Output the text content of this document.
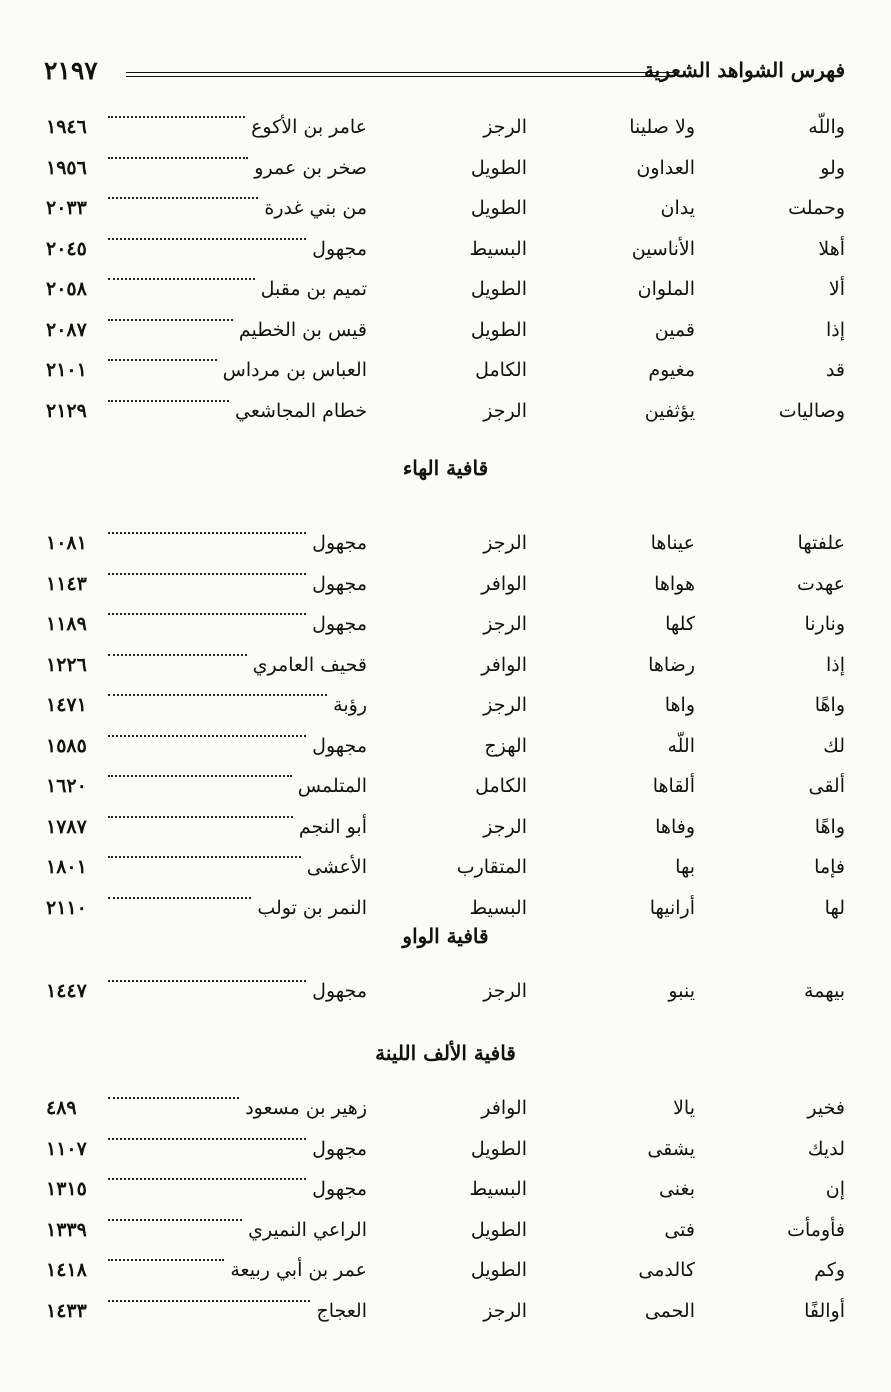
فهرس الشواهد الشعرية
٢١٩٧
واللّه
ولا صلينا
الرجز
عامر بن الأكوع
١٩٤٦
ولو
العداون
الطويل
صخر بن عمرو
١٩٥٦
وحملت
يدان
الطويل
من بني غدرة
٢٠٣٣
أهلا
الأناسين
البسيط
مجهول
٢٠٤٥
ألا
الملوان
الطويل
تميم بن مقبل
٢٠٥٨
إذا
قمين
الطويل
قيس بن الخطيم
٢٠٨٧
قد
مغيوم
الكامل
العباس بن مرداس
٢١٠١
وصاليات
يؤثفين
الرجز
خطام المجاشعي
٢١٢٩
قافية الهاء
علفتها
عيناها
الرجز
مجهول
١٠٨١
عهدت
هواها
الوافر
مجهول
١١٤٣
ونارنا
كلها
الرجز
مجهول
١١٨٩
إذا
رضاها
الوافر
قحيف العامري
١٢٢٦
واهًا
واها
الرجز
رؤبة
١٤٧١
لك
اللّه
الهزج
مجهول
١٥٨٥
ألقى
ألقاها
الكامل
المتلمس
١٦٢٠
واهًا
وفاها
الرجز
أبو النجم
١٧٨٧
فإما
بها
المتقارب
الأعشى
١٨٠١
لها
أرانيها
البسيط
النمر بن تولب
٢١١٠
قافية الواو
بيهمة
ينبو
الرجز
مجهول
١٤٤٧
قافية الألف اللينة
فخير
يالا
الوافر
زهير بن مسعود
٤٨٩
لديك
يشقى
الطويل
مجهول
١١٠٧
إن
بغنى
البسيط
مجهول
١٣١٥
فأومأت
فتى
الطويل
الراعي النميري
١٣٣٩
وكم
كالدمى
الطويل
عمر بن أبي ربيعة
١٤١٨
أوالفًا
الحمى
الرجز
العجاج
١٤٣٣
